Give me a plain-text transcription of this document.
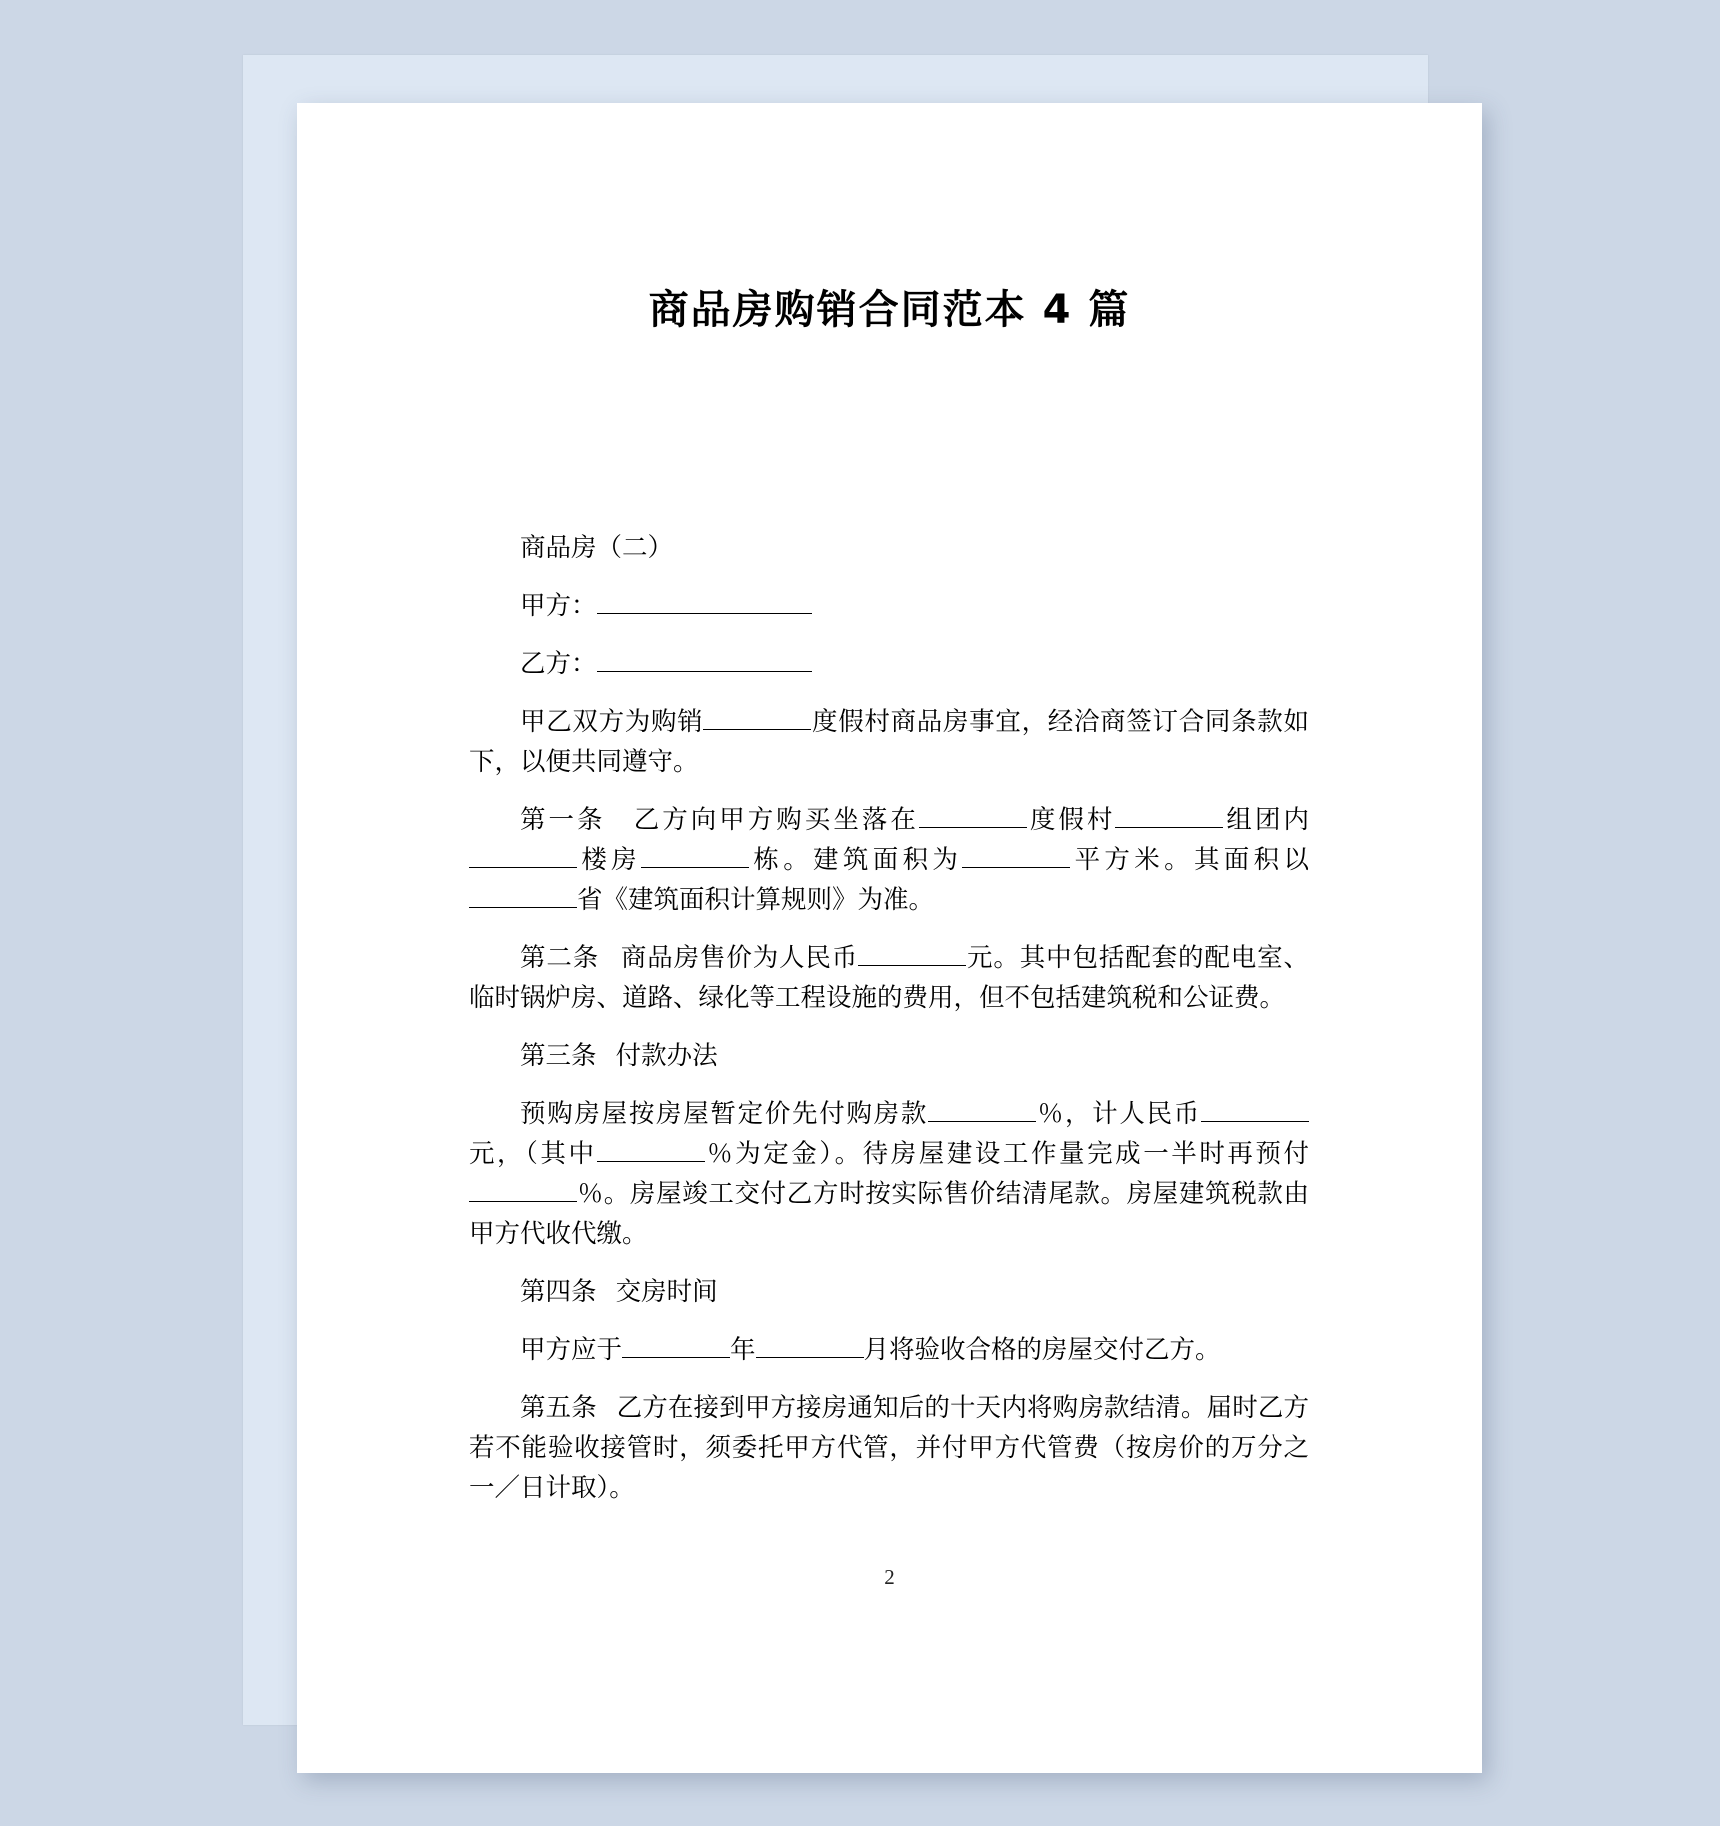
商品房购销合同范本 4 篇

商品房（二）

甲方：

乙方：

甲乙双方为购销	度假村商品房事宜，经洽商签订合同条款如下，以便共同遵守。

第一条 乙方向甲方购买坐落在	度假村	组团内楼房	栋。建筑面积为	平方米。其面积以省《建筑面积计算规则》为准。

第二条 商品房售价为人民币	元。其中包括配套的配电室、临时锅炉房、道路、绿化等工程设施的费用，但不包括建筑税和公证费。

第三条 付款办法

预购房屋按房屋暂定价先付购房款	％，计人民币元，（其中	％为定金）。待房屋建设工作量完成一半时再预付％。房屋竣工交付乙方时按实际售价结清尾款。房屋建筑税款由甲方代收代缴。

第四条 交房时间

甲方应于	年	月将验收合格的房屋交付乙方。

第五条 乙方在接到甲方接房通知后的十天内将购房款结清。届时乙方若不能验收接管时，须委托甲方代管，并付甲方代管费（按房价的万分之一／日计取）。

2
